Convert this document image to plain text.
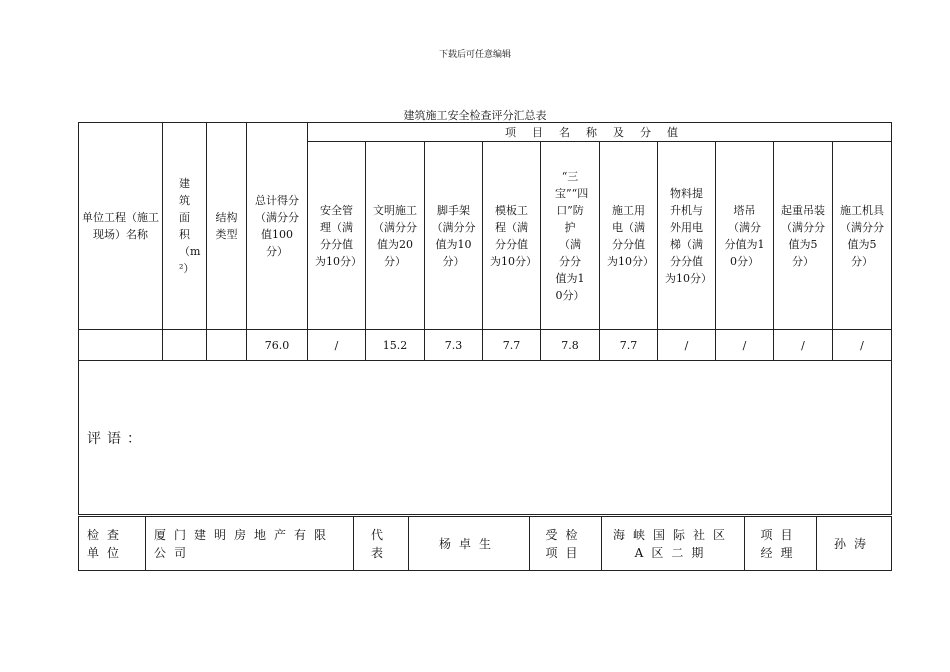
下载后可任意编辑
建筑施工安全检查评分汇总表
单位工程（施工现场）名称	建筑面积（m²）	结构类型	总计得分（满分分值100分）	项目名称及分值									

				安全管理（满分分值为10分）	文明施工（满分分值为20分）	脚手架（满分分值为10分）	模板工程（满分分值为10分）	“三宝”“四口”防护（满分分值为10分）	施工用电（满分分值为10分）	物料提升机与外用电梯（满分分值为10分）	塔吊（满分分值为10分）	起重吊装（满分分值为5分）	施工机具（满分分值为5分）

			76.0	/	15.2	7.3	7.7	7.8	7.7	/	/	/	/

评语：													
检查单位	厦门建明房地产有限公司	代表	杨卓生	受检项目	海峡国际社区A区二期	项目经理	孙涛
